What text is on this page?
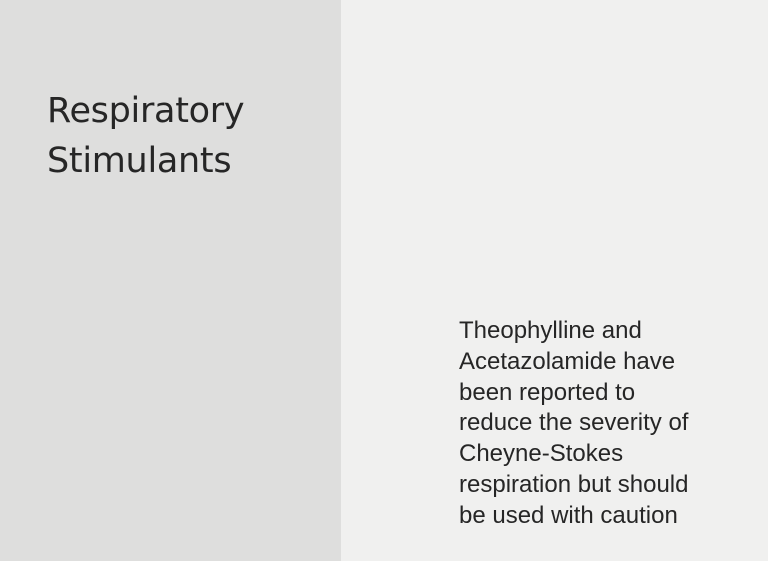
Respiratory
Stimulants

Theophylline and
Acetazolamide have
been reported to
reduce the severity of
Cheyne-Stokes
respiration but should
be used with caution
